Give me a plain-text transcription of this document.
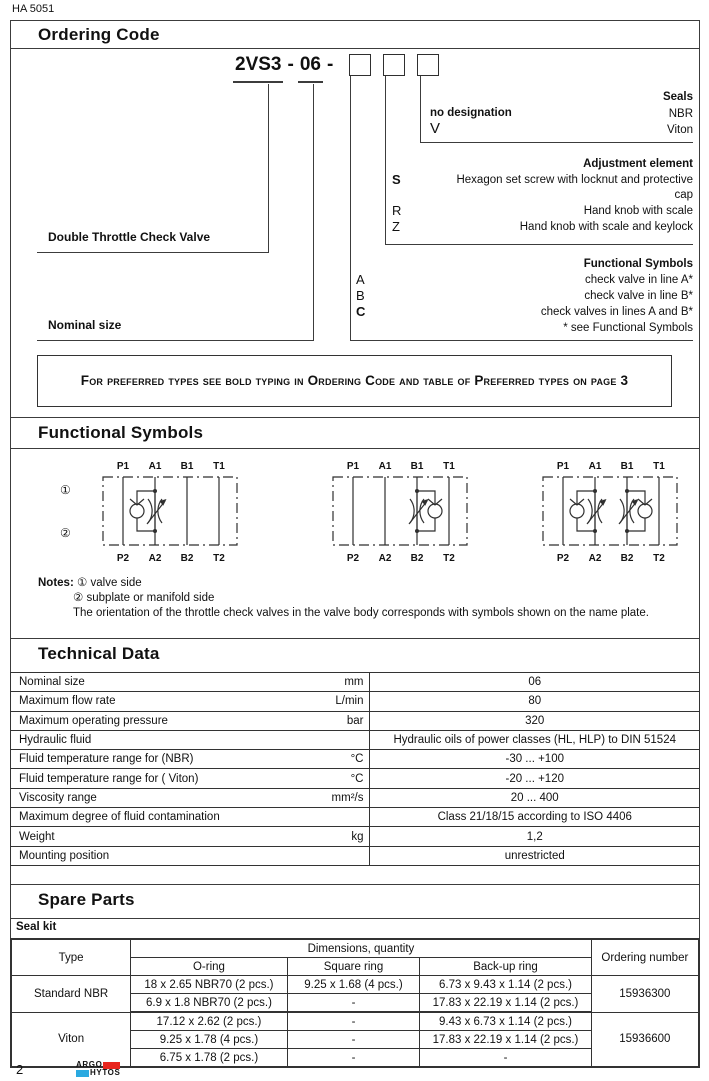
HA 5051
Ordering Code
2VS3 - 06 -
Double Throttle Check Valve
Nominal size
Seals
no designation	NBR
V	Viton
Adjustment element
S	Hexagon set screw with locknut and protective cap
R	Hand knob with scale
Z	Hand knob with scale and keylock
Functional Symbols
A	check valve in line A*
B	check valve in line B*
C	check valves in lines A and B*
* see Functional Symbols
For preferred types see bold typing in Ordering Code and table of Preferred types on page 3
Functional Symbols
①
②
P1 A1 B1 T1
P2 A2 B2 T2
P1 A1 B1 T1
P2 A2 B2 T2
P1 A1 B1 T1
P2 A2 B2 T2
Notes: ① valve side
② subplate or manifold side
The orientation of the throttle check valves in the valve body corresponds with symbols shown on the name plate.
Technical Data
Nominal size mm	06
Maximum flow rate L/min	80
Maximum operating pressure bar	320
Hydraulic fluid	Hydraulic oils of power classes (HL, HLP) to DIN 51524
Fluid temperature range for (NBR) °C	-30 ... +100
Fluid temperature range for ( Viton) °C	-20 ... +120
Viscosity range mm²/s	20 ... 400
Maximum degree of fluid contamination	Class 21/18/15 according to ISO 4406
Weight kg	1,2
Mounting position	unrestricted
Spare Parts
Seal kit
Type	Dimensions, quantity			Ordering number
	O-ring	Square ring	Back-up ring	
Standard NBR	18 x 2.65 NBR70 (2 pcs.)	9.25 x 1.68 (4 pcs.)	6.73 x 9.43 x 1.14 (2 pcs.)	15936300
	6.9 x 1.8 NBR70 (2 pcs.)	-	17.83 x 22.19 x 1.14 (2 pcs.)	
Viton	17.12 x 2.62 (2 pcs.)	-	9.43 x 6.73 x 1.14 (2 pcs.)	15936600
	9.25 x 1.78 (4 pcs.)	-	17.83 x 22.19 x 1.14 (2 pcs.)	
	6.75 x 1.78 (2 pcs.)	-	-	
2	ARGO
HYTOS
